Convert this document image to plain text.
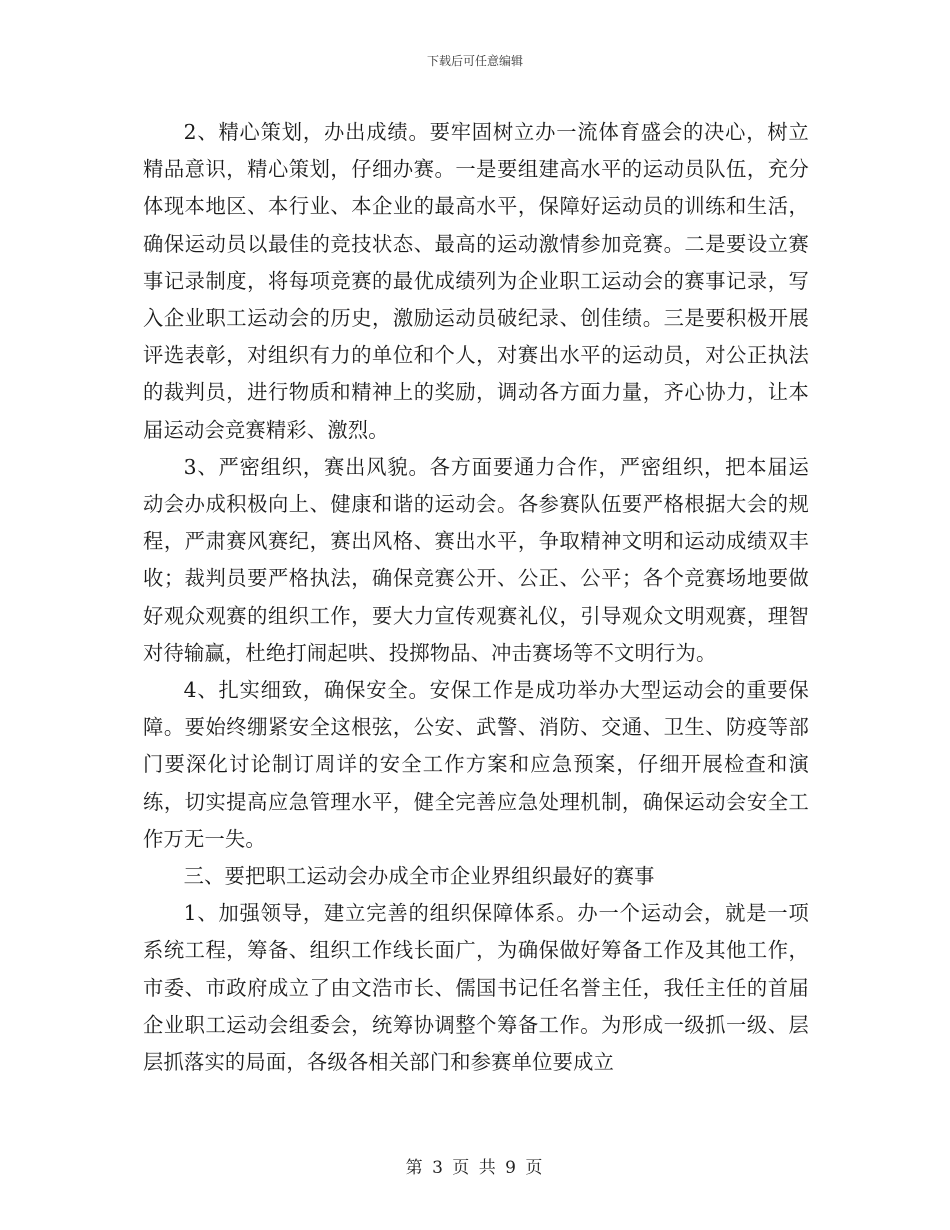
下载后可任意编辑

2、精心策划，办出成绩。要牢固树立办一流体育盛会的决心，树立精品意识，精心策划，仔细办赛。一是要组建高水平的运动员队伍，充分体现本地区、本行业、本企业的最高水平，保障好运动员的训练和生活，确保运动员以最佳的竞技状态、最高的运动激情参加竞赛。二是要设立赛事记录制度，将每项竞赛的最优成绩列为企业职工运动会的赛事记录，写入企业职工运动会的历史，激励运动员破纪录、创佳绩。三是要积极开展评选表彰，对组织有力的单位和个人，对赛出水平的运动员，对公正执法的裁判员，进行物质和精神上的奖励，调动各方面力量，齐心协力，让本届运动会竞赛精彩、激烈。

3、严密组织，赛出风貌。各方面要通力合作，严密组织，把本届运动会办成积极向上、健康和谐的运动会。各参赛队伍要严格根据大会的规程，严肃赛风赛纪，赛出风格、赛出水平，争取精神文明和运动成绩双丰收；裁判员要严格执法，确保竞赛公开、公正、公平；各个竞赛场地要做好观众观赛的组织工作，要大力宣传观赛礼仪，引导观众文明观赛，理智对待输赢，杜绝打闹起哄、投掷物品、冲击赛场等不文明行为。

4、扎实细致，确保安全。安保工作是成功举办大型运动会的重要保障。要始终绷紧安全这根弦，公安、武警、消防、交通、卫生、防疫等部门要深化讨论制订周详的安全工作方案和应急预案，仔细开展检查和演练，切实提高应急管理水平，健全完善应急处理机制，确保运动会安全工作万无一失。

三、要把职工运动会办成全市企业界组织最好的赛事

1、加强领导，建立完善的组织保障体系。办一个运动会，就是一项系统工程，筹备、组织工作线长面广，为确保做好筹备工作及其他工作，市委、市政府成立了由文浩市长、儒国书记任名誉主任，我任主任的首届企业职工运动会组委会，统筹协调整个筹备工作。为形成一级抓一级、层层抓落实的局面，各级各相关部门和参赛单位要成立

第 3 页 共 9 页
